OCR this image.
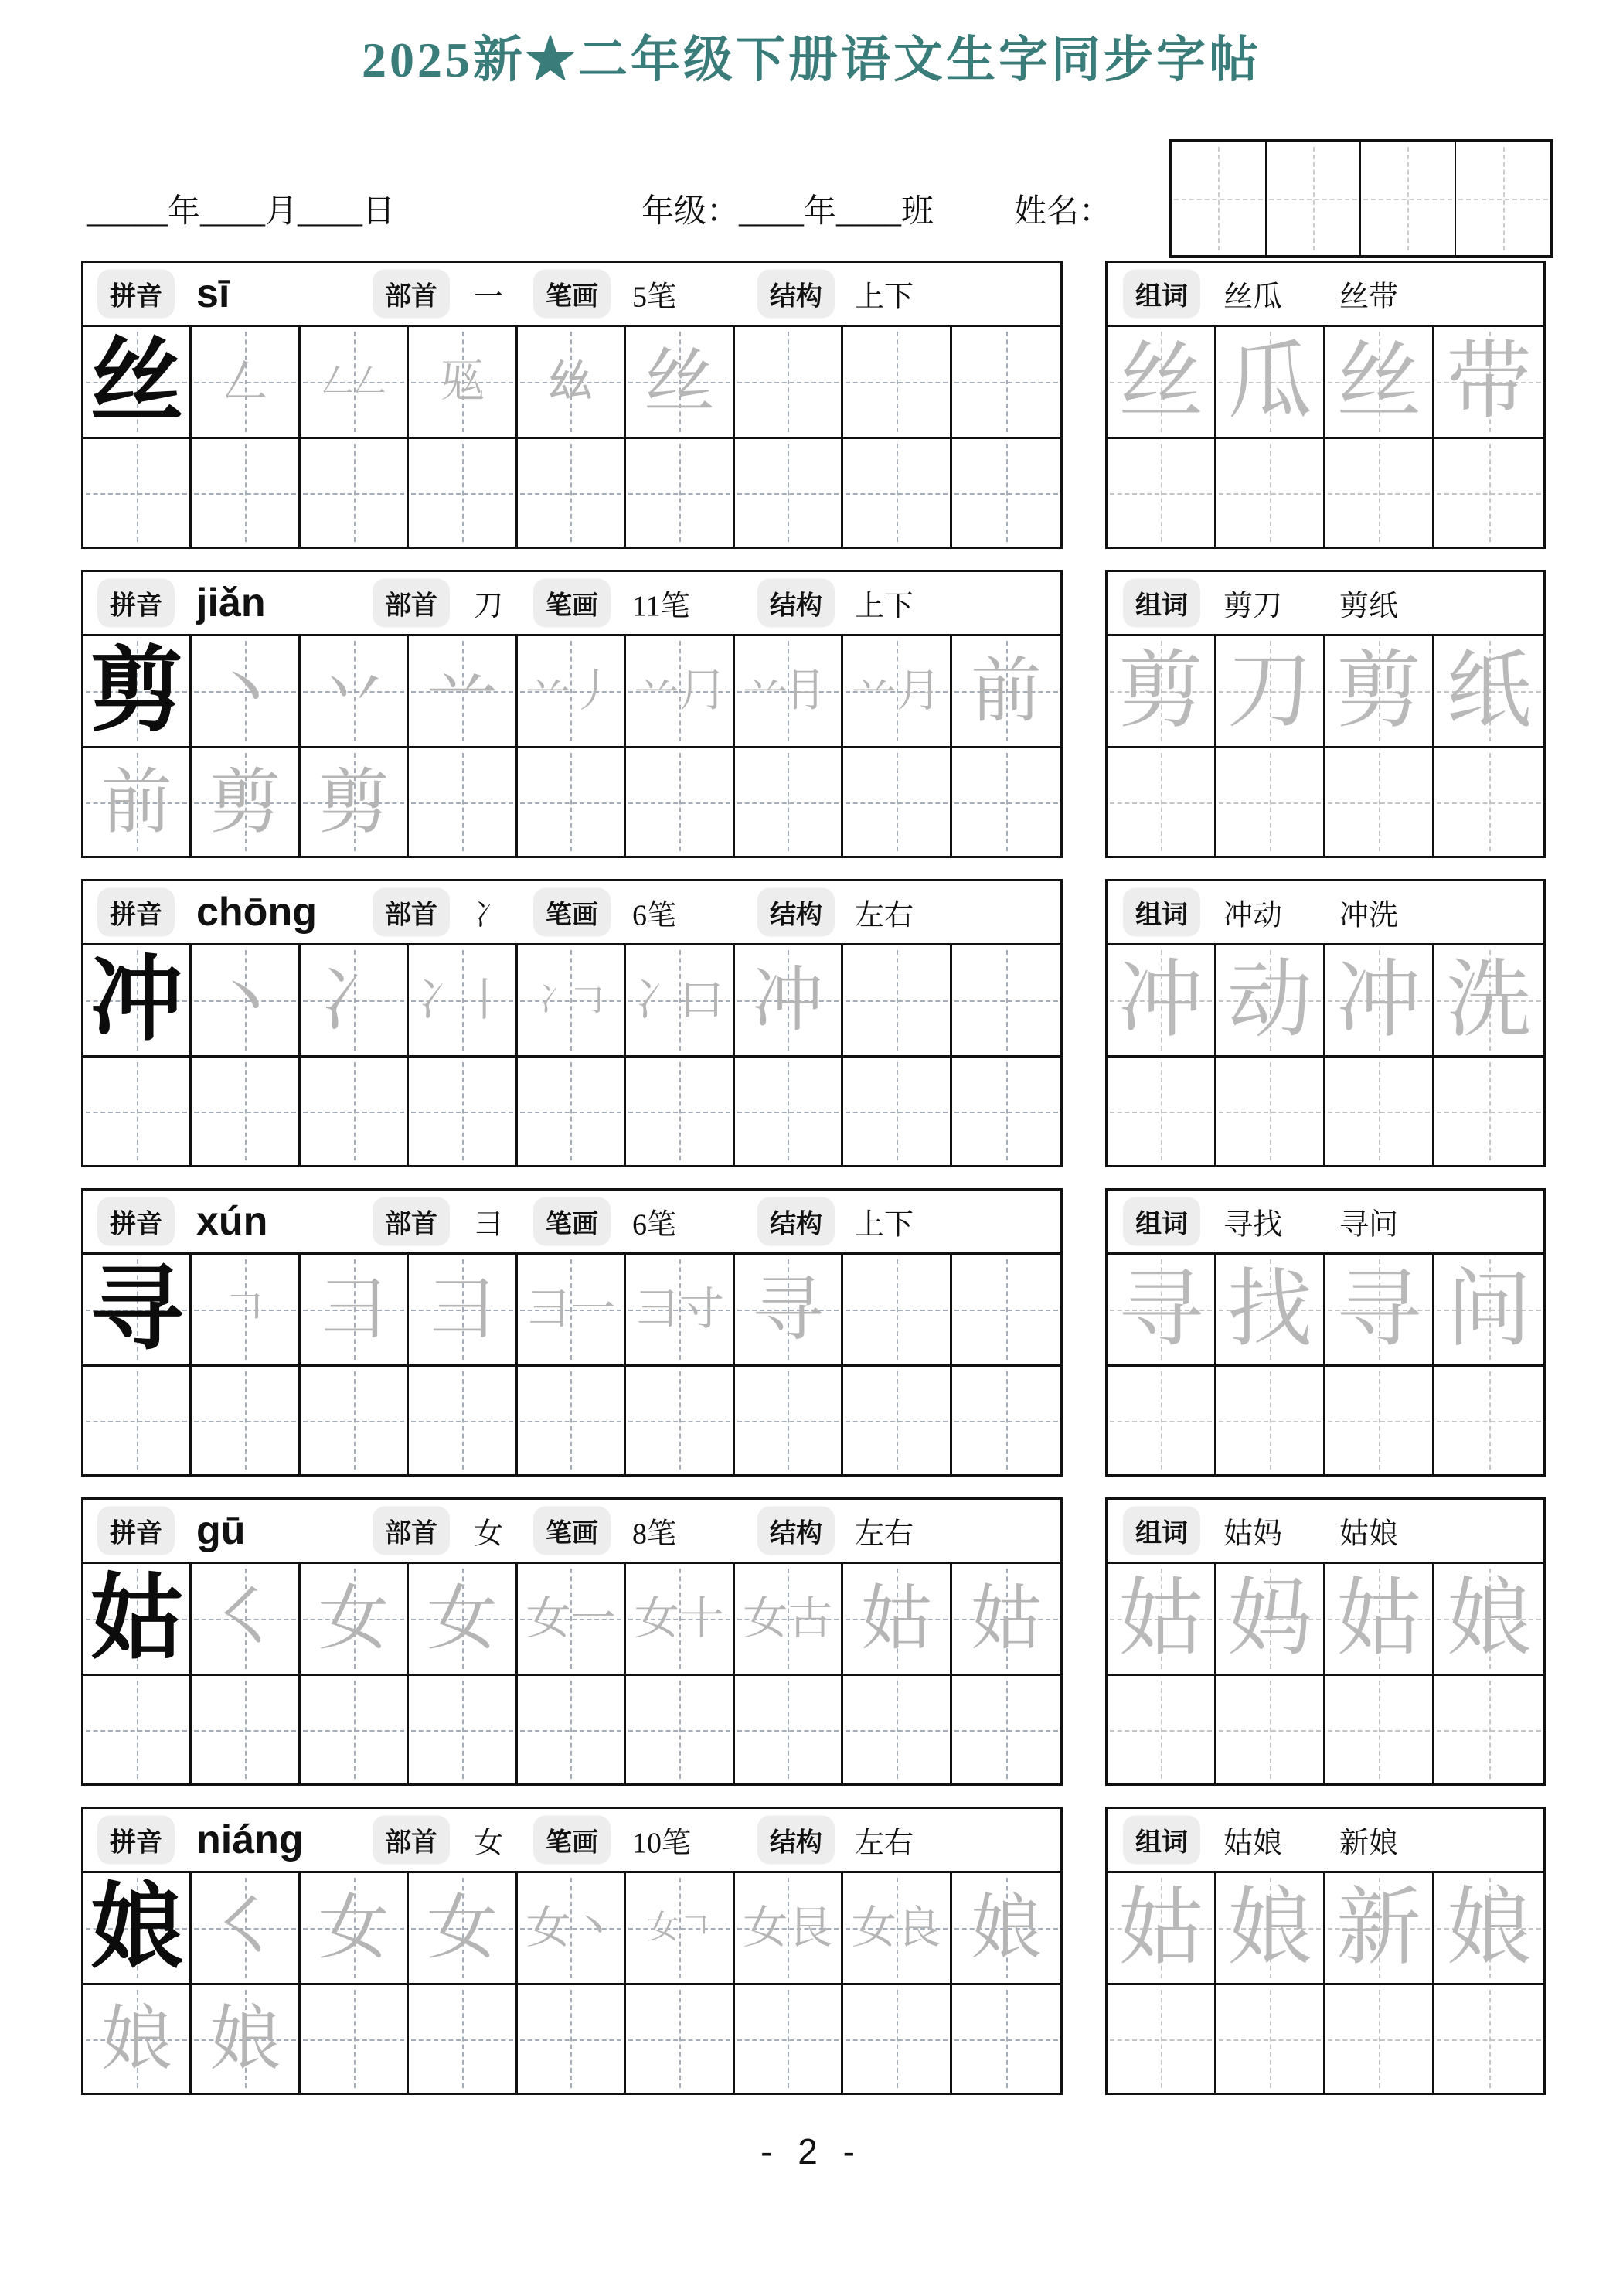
2025新★二年级下册语文生字同步字帖
_____年____月____日	年级：____年____班 姓名：
拼音 sī	部首	一	笔画	5笔	结构	上下
丝 𠃋 𠃋𠃋 𢆺 𢆶 丝
组词	丝瓜 丝带
丝 瓜 丝 带
拼音 jiǎn	部首	刀	笔画	11笔	结构	上下
剪 丶 丷 䒑 䒑丿 䒑⺆ 䒑⺝ 䒑月 前
前 剪 剪
组词	剪刀 剪纸
剪 刀 剪 纸
拼音 chōng	部首	冫	笔画	6笔	结构	左右
冲 丶 冫 冫丨 冫𠃌 冫口 冲
组词	冲动 冲洗
冲 动 冲 洗
拼音 xún	部首	彐	笔画	6笔	结构	上下
寻 𠃍 ⺕ 彐 彐一 彐寸 寻
组词	寻找 寻问
寻 找 寻 问
拼音 gū	部首	女	笔画	8笔	结构	左右
姑 ㇛ 女 女 女一 女十 女古 姑 姑
组词	姑妈 姑娘
姑 妈 姑 娘
拼音 niáng	部首	女	笔画	10笔	结构	左右
娘 ㇛ 女 女 女丶 女𠃍 女艮 女良 娘
娘 娘
组词	姑娘 新娘
姑 娘 新 娘
- 2 -
